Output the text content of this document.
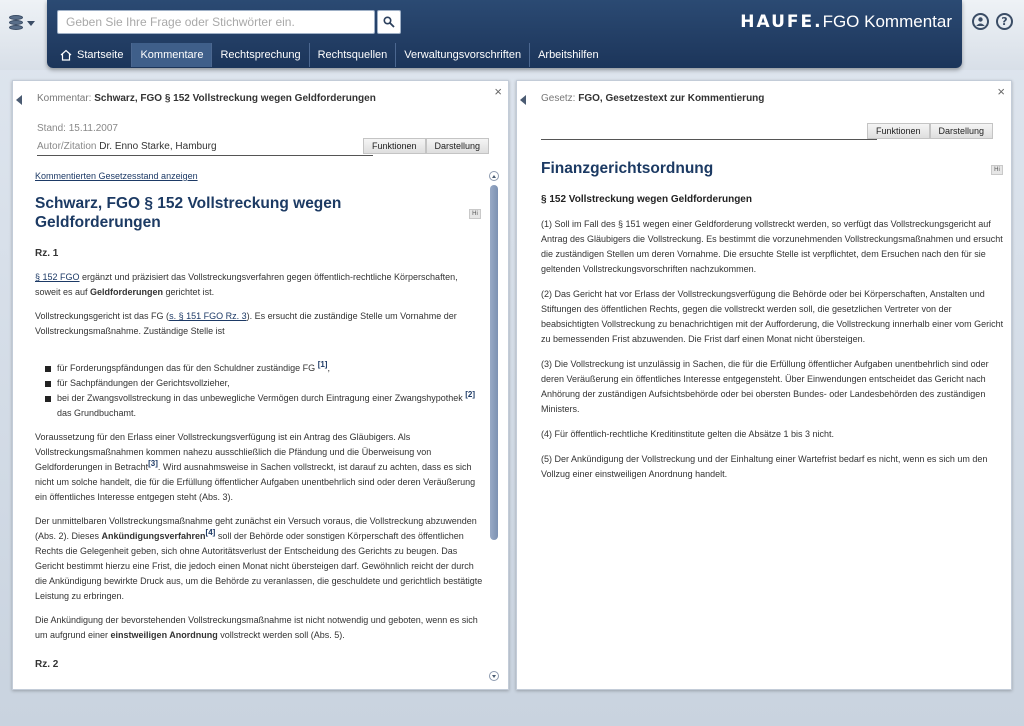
Geben Sie Ihre Frage oder Stichwörter ein.
HAUFE.FGO Kommentar
Startseite Kommentare Rechtsprechung Rechtsquellen Verwaltungsvorschriften Arbeitshilfen
?
×
Kommentar: Schwarz, FGO § 152 Vollstreckung wegen Geldforderungen
Stand: 15.11.2007
Autor/Zitation Dr. Enno Starke, Hamburg	Funktionen	Darstellung
Hi
Kommentierten Gesetzesstand anzeigen
Schwarz, FGO § 152 Vollstreckung wegen Geldforderungen
Rz. 1
§ 152 FGO ergänzt und präzisiert das Vollstreckungsverfahren gegen öffentlich-rechtliche Körperschaften, soweit es auf Geldforderungen gerichtet ist.
Vollstreckungsgericht ist das FG (s. § 151 FGO Rz. 3). Es ersucht die zuständige Stelle um Vornahme der Vollstreckungsmaßnahme. Zuständige Stelle ist
für Forderungspfändungen das für den Schuldner zuständige FG [1],
für Sachpfändungen der Gerichtsvollzieher,
bei der Zwangsvollstreckung in das unbewegliche Vermögen durch Eintragung einer Zwangshypothek [2] das Grundbuchamt.
Voraussetzung für den Erlass einer Vollstreckungsverfügung ist ein Antrag des Gläubigers. Als Vollstreckungsmaßnahmen kommen nahezu ausschließlich die Pfändung und die Überweisung von Geldforderungen in Betracht[3]. Wird ausnahmsweise in Sachen vollstreckt, ist darauf zu achten, dass es sich nicht um solche handelt, die für die Erfüllung öffentlicher Aufgaben unentbehrlich sind oder deren Veräußerung ein öffentliches Interesse entgegen steht (Abs. 3).
Der unmittelbaren Vollstreckungsmaßnahme geht zunächst ein Versuch voraus, die Vollstreckung abzuwenden (Abs. 2). Dieses Ankündigungsverfahren[4] soll der Behörde oder sonstigen Körperschaft des öffentlichen Rechts die Gelegenheit geben, sich ohne Autoritätsverlust der Entscheidung des Gerichts zu beugen. Das Gericht bestimmt hierzu eine Frist, die jedoch einen Monat nicht übersteigen darf. Gewöhnlich reicht der durch die Ankündigung bewirkte Druck aus, um die Behörde zu veranlassen, die geschuldete und gerichtlich bestätigte Leistung zu erbringen.
Die Ankündigung der bevorstehenden Vollstreckungsmaßnahme ist nicht notwendig und geboten, wenn es sich um aufgrund einer einstweiligen Anordnung vollstreckt werden soll (Abs. 5).
Rz. 2
×
Gesetz: FGO, Gesetzestext zur Kommentierung
Funktionen	Darstellung
Hi
Finanzgerichtsordnung
§ 152 Vollstreckung wegen Geldforderungen
(1) Soll im Fall des § 151 wegen einer Geldforderung vollstreckt werden, so verfügt das Vollstreckungsgericht auf Antrag des Gläubigers die Vollstreckung. Es bestimmt die vorzunehmenden Vollstreckungsmaßnahmen und ersucht die zuständigen Stellen um deren Vornahme. Die ersuchte Stelle ist verpflichtet, dem Ersuchen nach den für sie geltenden Vollstreckungsvorschriften nachzukommen.
(2) Das Gericht hat vor Erlass der Vollstreckungsverfügung die Behörde oder bei Körperschaften, Anstalten und Stiftungen des öffentlichen Rechts, gegen die vollstreckt werden soll, die gesetzlichen Vertreter von der beabsichtigten Vollstreckung zu benachrichtigen mit der Aufforderung, die Vollstreckung innerhalb einer vom Gericht zu bemessenden Frist abzuwenden. Die Frist darf einen Monat nicht übersteigen.
(3) Die Vollstreckung ist unzulässig in Sachen, die für die Erfüllung öffentlicher Aufgaben unentbehrlich sind oder deren Veräußerung ein öffentliches Interesse entgegensteht. Über Einwendungen entscheidet das Gericht nach Anhörung der zuständigen Aufsichtsbehörde oder bei obersten Bundes- oder Landesbehörden des zuständigen Ministers.
(4) Für öffentlich-rechtliche Kreditinstitute gelten die Absätze 1 bis 3 nicht.
(5) Der Ankündigung der Vollstreckung und der Einhaltung einer Wartefrist bedarf es nicht, wenn es sich um den Vollzug einer einstweiligen Anordnung handelt.
